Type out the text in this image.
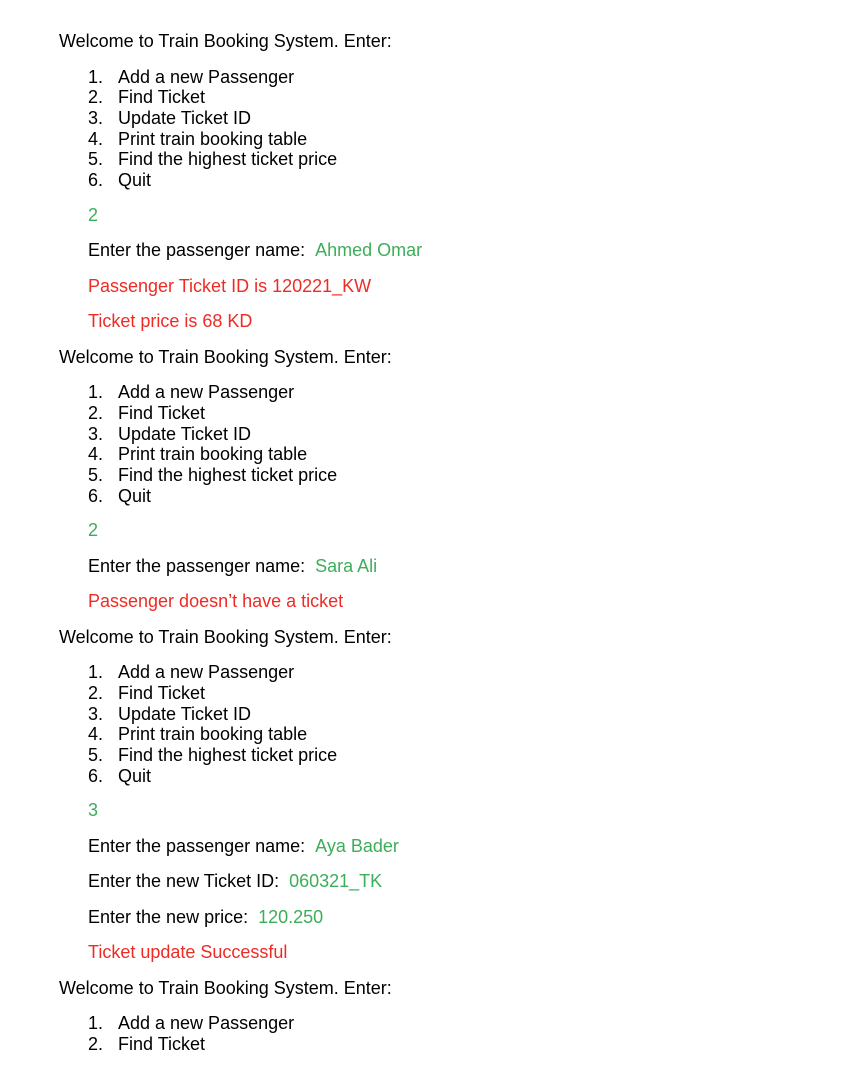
Welcome to Train Booking System. Enter:
1. Add a new Passenger
2. Find Ticket
3. Update Ticket ID
4. Print train booking table
5. Find the highest ticket price
6. Quit
2
Enter the passenger name: Ahmed Omar
Passenger Ticket ID is 120221_KW
Ticket price is 68 KD
Welcome to Train Booking System. Enter:
1. Add a new Passenger
2. Find Ticket
3. Update Ticket ID
4. Print train booking table
5. Find the highest ticket price
6. Quit
2
Enter the passenger name: Sara Ali
Passenger doesn’t have a ticket
Welcome to Train Booking System. Enter:
1. Add a new Passenger
2. Find Ticket
3. Update Ticket ID
4. Print train booking table
5. Find the highest ticket price
6. Quit
3
Enter the passenger name: Aya Bader
Enter the new Ticket ID: 060321_TK
Enter the new price: 120.250
Ticket update Successful
Welcome to Train Booking System. Enter:
1. Add a new Passenger
2. Find Ticket
